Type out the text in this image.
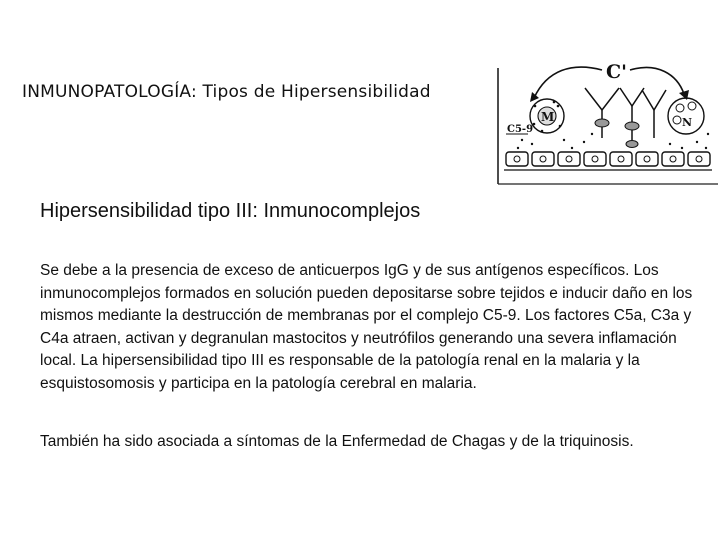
INMUNOPATOLOGÍA: Tipos de Hipersensibilidad
C'
M
C5-9
N
Hipersensibilidad tipo III: Inmunocomplejos

Se debe a la presencia de exceso de anticuerpos IgG y de sus antígenos específicos. Los inmunocomplejos formados en solución pueden depositarse sobre tejidos e inducir daño en los mismos mediante la destrucción de membranas por el complejo C5-9. Los factores C5a, C3a y C4a atraen, activan y degranulan mastocitos y neutrófilos generando una severa inflamación local. La hipersensibilidad tipo III es responsable de la patología renal en la malaria y la esquistosomosis y participa en la patología cerebral en malaria.

También ha sido asociada a síntomas de la Enfermedad de Chagas y de la triquinosis.
